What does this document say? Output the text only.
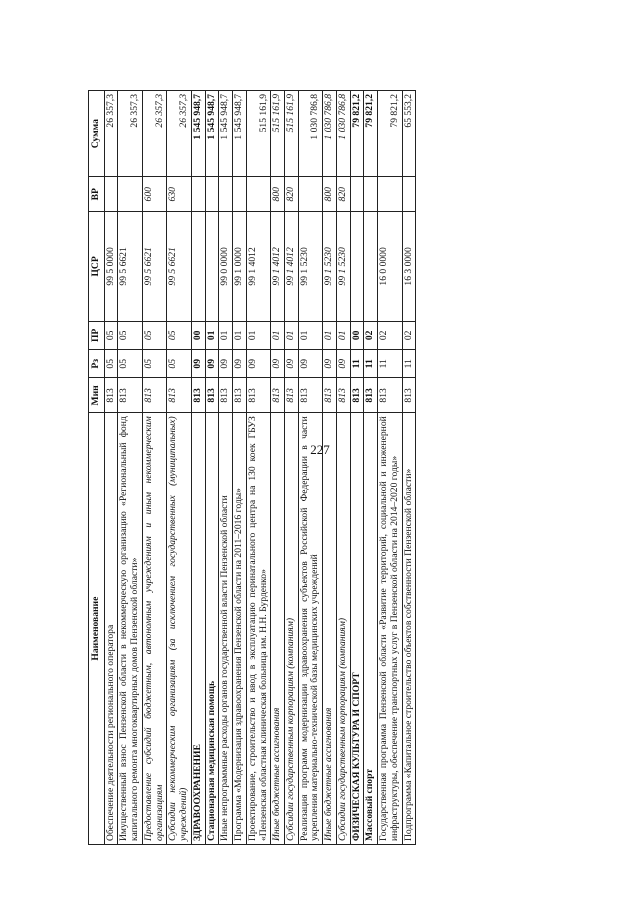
227
Наименование	Мин	Рз	ПР	ЦСР	ВР	Сумма
Обеспечение деятельности регионального оператора	813	05	05	99 5 0000		26 357,3
Имущественный взнос Пензенской области в некоммерческую организацию «Региональный фонд капитального ремонта многоквартирных домов Пензенской области»	813	05	05	99 5 6621		26 357,3
Предоставление субсидий бюджетным, автономным учреждениям и иным некоммерческим организациям	813	05	05	99 5 6621	600	26 357,3
Субсидии некоммерческим организациям (за исключением государственных (муниципальных) учреждений)	813	05	05	99 5 6621	630	26 357,3
ЗДРАВООХРАНЕНИЕ	813	09	00			1 545 948,7
Стационарная медицинская помощь	813	09	01			1 545 948,7
Иные непрограммные расходы органов государственной власти Пензенской области	813	09	01	99 0 0000		1 545 948,7
Программа «Модернизация здравоохранения Пензенской области на 2011–2016 годы»	813	09	01	99 1 0000		1 545 948,7
Проектирование, строительство и ввод в эксплуатацию перинатального центра на 130 коек ГБУЗ «Пензенская областная клиническая больница им. Н.Н. Бурденко»	813	09	01	99 1 4012		515 161,9
Иные бюджетные ассигнования	813	09	01	99 1 4012	800	515 161,9
Субсидии государственным корпорациям (компаниям)	813	09	01	99 1 4012	820	515 161,9
Реализация программ модернизации здравоохранения субъектов Российской Федерации в части укрепления материально-технической базы медицинских учреждений	813	09	01	99 1 5230		1 030 786,8
Иные бюджетные ассигнования	813	09	01	99 1 5230	800	1 030 786,8
Субсидии государственным корпорациям (компаниям)	813	09	01	99 1 5230	820	1 030 786,8
ФИЗИЧЕСКАЯ КУЛЬТУРА И СПОРТ	813	11	00			79 821,2
Массовый спорт	813	11	02			79 821,2
Государственная программа Пензенской области «Развитие территорий, социальной и инженерной инфраструктуры, обеспечение транспортных услуг в Пензенской области на 2014–2020 годы»	813	11	02	16 0 0000		79 821,2
Подпрограмма «Капитальное строительство объектов собственности Пензенской области»	813	11	02	16 3 0000		65 553,2
